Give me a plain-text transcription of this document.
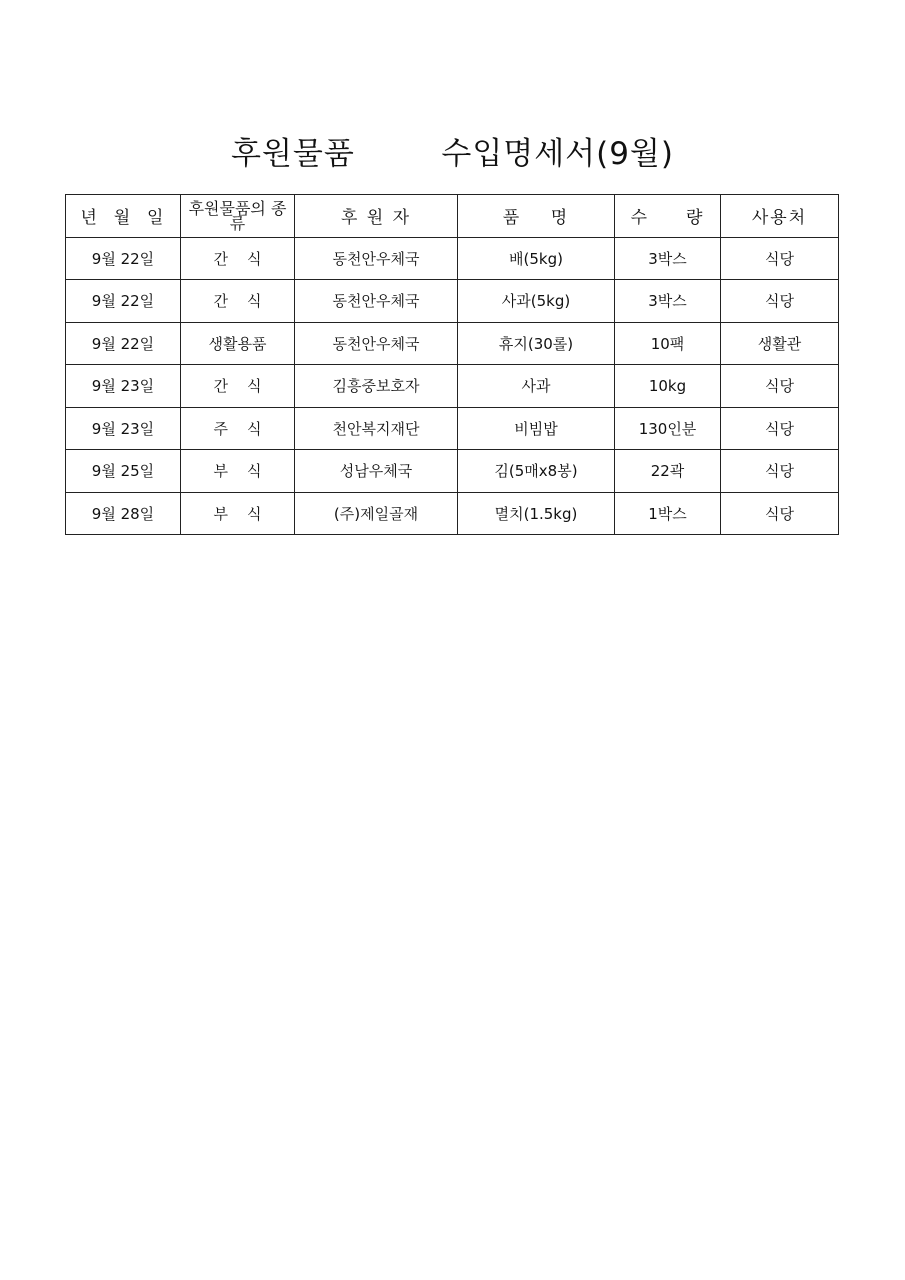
후원물품   수입명세서(9월)
년  월  일	후원물품의 종류	후 원 자	품    명	수     량	사용처
9월 22일	간    식	동천안우체국	배(5kg)	3박스	식당
9월 22일	간    식	동천안우체국	사과(5kg)	3박스	식당
9월 22일	생활용품	동천안우체국	휴지(30롤)	10팩	생활관
9월 23일	간    식	김흥중보호자	사과	10kg	식당
9월 23일	주    식	천안복지재단	비빔밥	130인분	식당
9월 25일	부    식	성남우체국	김(5매x8봉)	22곽	식당
9월 28일	부    식	(주)제일골재	멸치(1.5kg)	1박스	식당
